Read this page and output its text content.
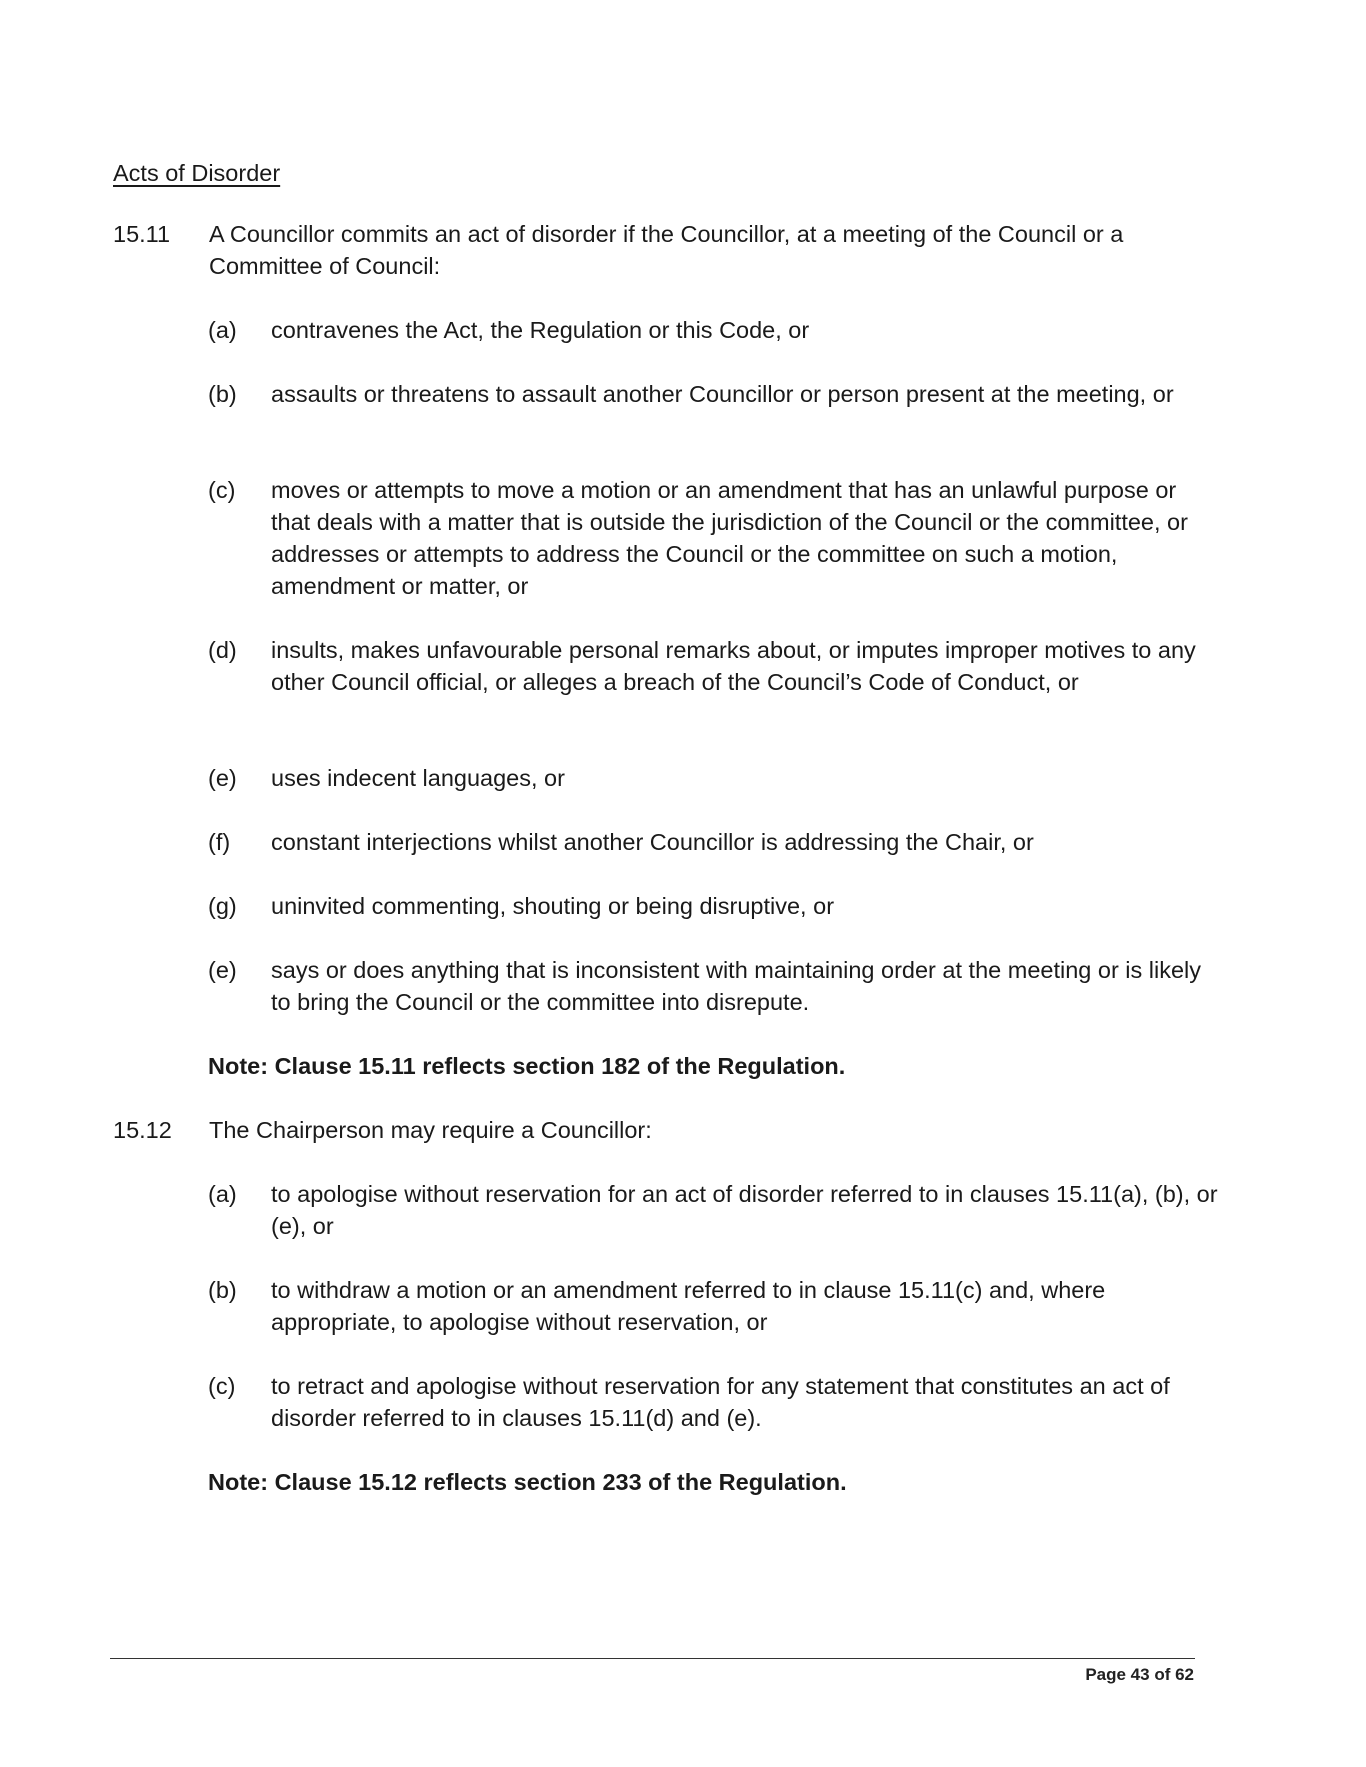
Acts of Disorder
15.11 A Councillor commits an act of disorder if the Councillor, at a meeting of the Council or a Committee of Council:
(a) contravenes the Act, the Regulation or this Code, or
(b) assaults or threatens to assault another Councillor or person present at the meeting, or
(c) moves or attempts to move a motion or an amendment that has an unlawful purpose or that deals with a matter that is outside the jurisdiction of the Council or the committee, or addresses or attempts to address the Council or the committee on such a motion, amendment or matter, or
(d) insults, makes unfavourable personal remarks about, or imputes improper motives to any other Council official, or alleges a breach of the Council’s Code of Conduct, or
(e) uses indecent languages, or
(f) constant interjections whilst another Councillor is addressing the Chair, or
(g) uninvited commenting, shouting or being disruptive, or
(e) says or does anything that is inconsistent with maintaining order at the meeting or is likely to bring the Council or the committee into disrepute.
Note: Clause 15.11 reflects section 182 of the Regulation.
15.12 The Chairperson may require a Councillor:
(a) to apologise without reservation for an act of disorder referred to in clauses 15.11(a), (b), or (e), or
(b) to withdraw a motion or an amendment referred to in clause 15.11(c) and, where appropriate, to apologise without reservation, or
(c) to retract and apologise without reservation for any statement that constitutes an act of disorder referred to in clauses 15.11(d) and (e).
Note: Clause 15.12 reflects section 233 of the Regulation.
Page 43 of 62
